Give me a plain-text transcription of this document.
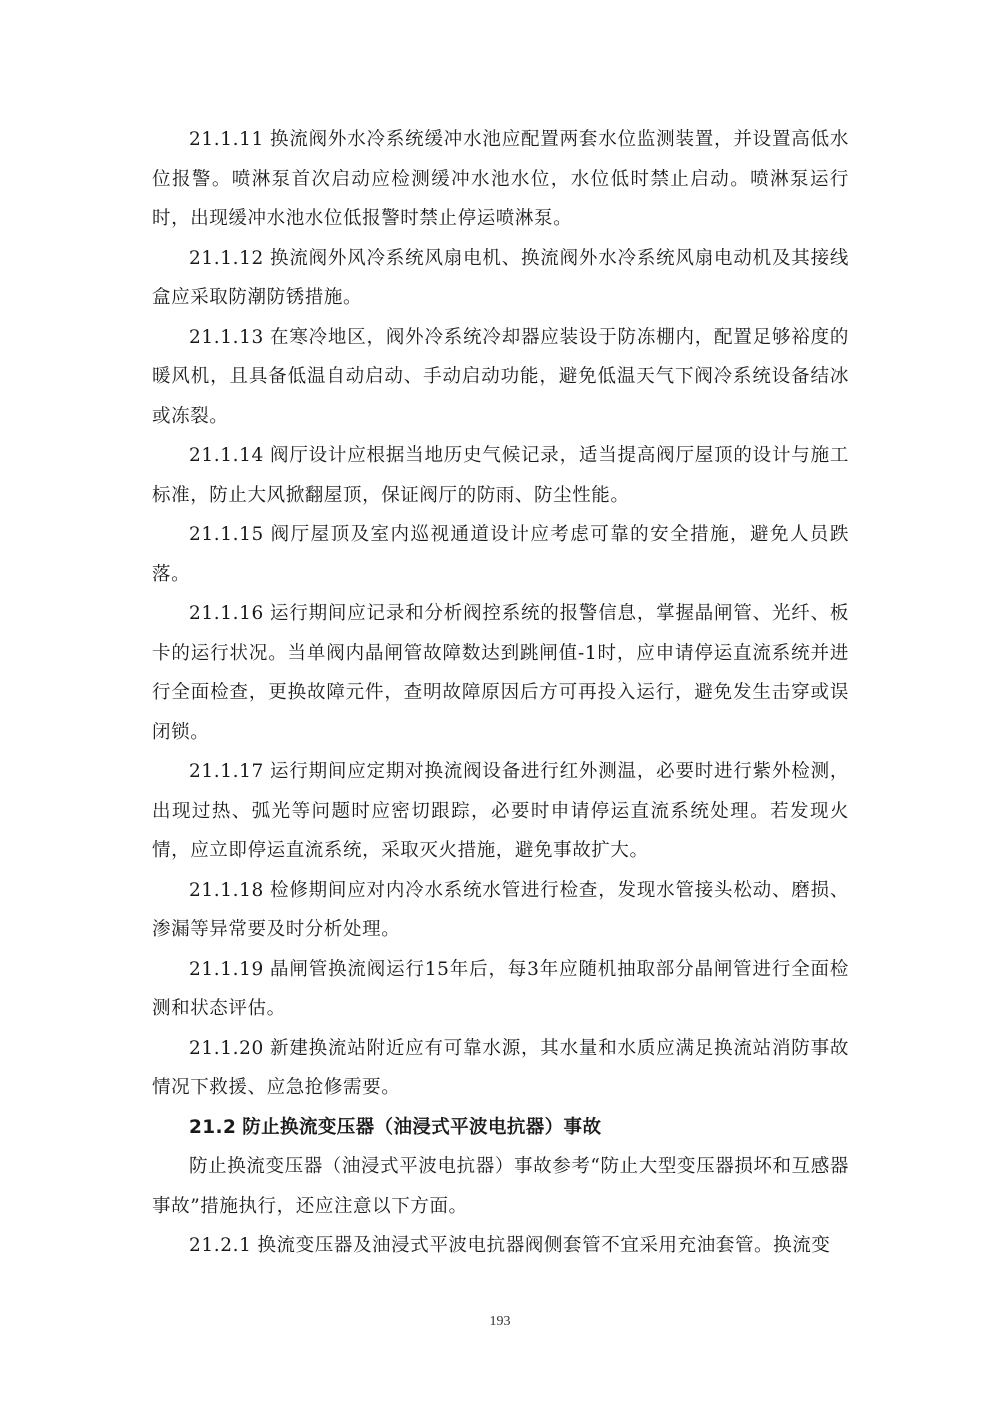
21.1.11 换流阀外水冷系统缓冲水池应配置两套水位监测装置，并设置高低水位报警。喷淋泵首次启动应检测缓冲水池水位，水位低时禁止启动。喷淋泵运行时，出现缓冲水池水位低报警时禁止停运喷淋泵。

21.1.12 换流阀外风冷系统风扇电机、换流阀外水冷系统风扇电动机及其接线盒应采取防潮防锈措施。

21.1.13 在寒冷地区，阀外冷系统冷却器应装设于防冻棚内，配置足够裕度的暖风机，且具备低温自动启动、手动启动功能，避免低温天气下阀冷系统设备结冰或冻裂。

21.1.14 阀厅设计应根据当地历史气候记录，适当提高阀厅屋顶的设计与施工标准，防止大风掀翻屋顶，保证阀厅的防雨、防尘性能。

21.1.15 阀厅屋顶及室内巡视通道设计应考虑可靠的安全措施，避免人员跌落。

21.1.16 运行期间应记录和分析阀控系统的报警信息，掌握晶闸管、光纤、板卡的运行状况。当单阀内晶闸管故障数达到跳闸值-1时，应申请停运直流系统并进行全面检查，更换故障元件，查明故障原因后方可再投入运行，避免发生击穿或误闭锁。

21.1.17 运行期间应定期对换流阀设备进行红外测温，必要时进行紫外检测，出现过热、弧光等问题时应密切跟踪，必要时申请停运直流系统处理。若发现火情，应立即停运直流系统，采取灭火措施，避免事故扩大。

21.1.18 检修期间应对内冷水系统水管进行检查，发现水管接头松动、磨损、渗漏等异常要及时分析处理。

21.1.19 晶闸管换流阀运行15年后，每3年应随机抽取部分晶闸管进行全面检测和状态评估。

21.1.20 新建换流站附近应有可靠水源，其水量和水质应满足换流站消防事故情况下救援、应急抢修需要。

21.2 防止换流变压器（油浸式平波电抗器）事故

防止换流变压器（油浸式平波电抗器）事故参考“防止大型变压器损坏和互感器事故”措施执行，还应注意以下方面。

21.2.1 换流变压器及油浸式平波电抗器阀侧套管不宜采用充油套管。换流变

193
